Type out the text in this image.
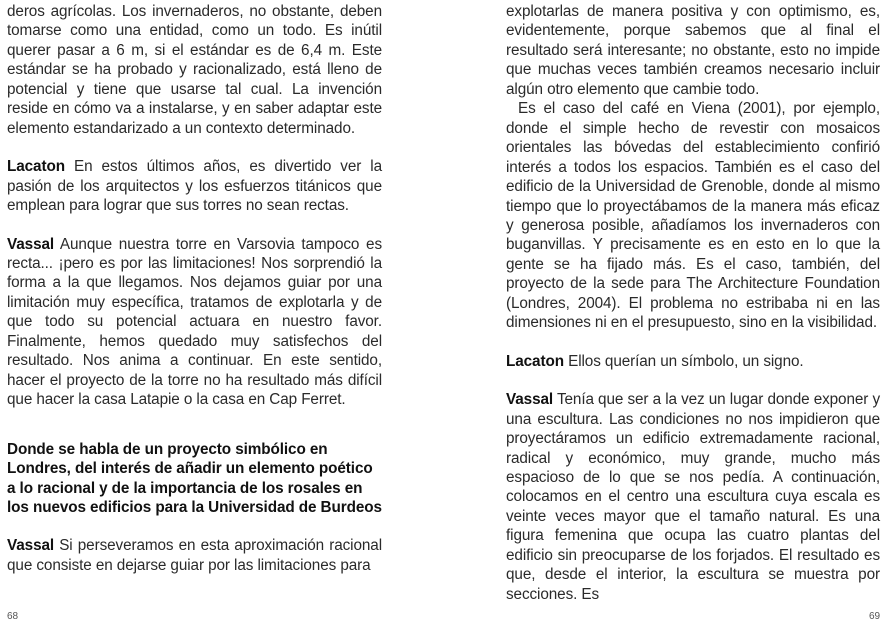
deros agrícolas. Los invernaderos, no obstante, deben tomarse como una entidad, como un todo. Es inútil querer pasar a 6 m, si el estándar es de 6,4 m. Este estándar se ha probado y racionalizado, está lleno de potencial y tiene que usarse tal cual. La invención reside en cómo va a instalarse, y en saber adaptar este elemento estandarizado a un contexto determinado.

Lacaton En estos últimos años, es divertido ver la pasión de los arquitectos y los esfuerzos titánicos que emplean para lograr que sus torres no sean rectas.

Vassal Aunque nuestra torre en Varsovia tampoco es recta... ¡pero es por las limitaciones! Nos sorprendió la forma a la que llegamos. Nos dejamos guiar por una limitación muy específica, tratamos de explotarla y de que todo su potencial actuara en nuestro favor. Finalmente, hemos quedado muy satisfechos del resultado. Nos anima a continuar. En este sentido, hacer el proyecto de la torre no ha resultado más difícil que hacer la casa Latapie o la casa en Cap Ferret.

Donde se habla de un proyecto simbólico en Londres, del interés de añadir un elemento poético a lo racional y de la importancia de los rosales en los nuevos edificios para la Universidad de Burdeos

Vassal Si perseveramos en esta aproximación racional que consiste en dejarse guiar por las limitaciones para

68

explotarlas de manera positiva y con optimismo, es, evidentemente, porque sabemos que al final el resultado será interesante; no obstante, esto no impide que muchas veces también creamos necesario incluir algún otro elemento que cambie todo.

Es el caso del café en Viena (2001), por ejemplo, donde el simple hecho de revestir con mosaicos orientales las bóvedas del establecimiento confirió interés a todos los espacios. También es el caso del edificio de la Universidad de Grenoble, donde al mismo tiempo que lo proyectábamos de la manera más eficaz y generosa posible, añadíamos los invernaderos con buganvillas. Y precisamente es en esto en lo que la gente se ha fijado más. Es el caso, también, del proyecto de la sede para The Architecture Foundation (Londres, 2004). El problema no estribaba ni en las dimensiones ni en el presupuesto, sino en la visibilidad.

Lacaton Ellos querían un símbolo, un signo.

Vassal Tenía que ser a la vez un lugar donde exponer y una escultura. Las condiciones no nos impidieron que proyectáramos un edificio extremadamente racional, radical y económico, muy grande, mucho más espacioso de lo que se nos pedía. A continuación, colocamos en el centro una escultura cuya escala es veinte veces mayor que el tamaño natural. Es una figura femenina que ocupa las cuatro plantas del edificio sin preocuparse de los forjados. El resultado es que, desde el interior, la escultura se muestra por secciones. Es

69
